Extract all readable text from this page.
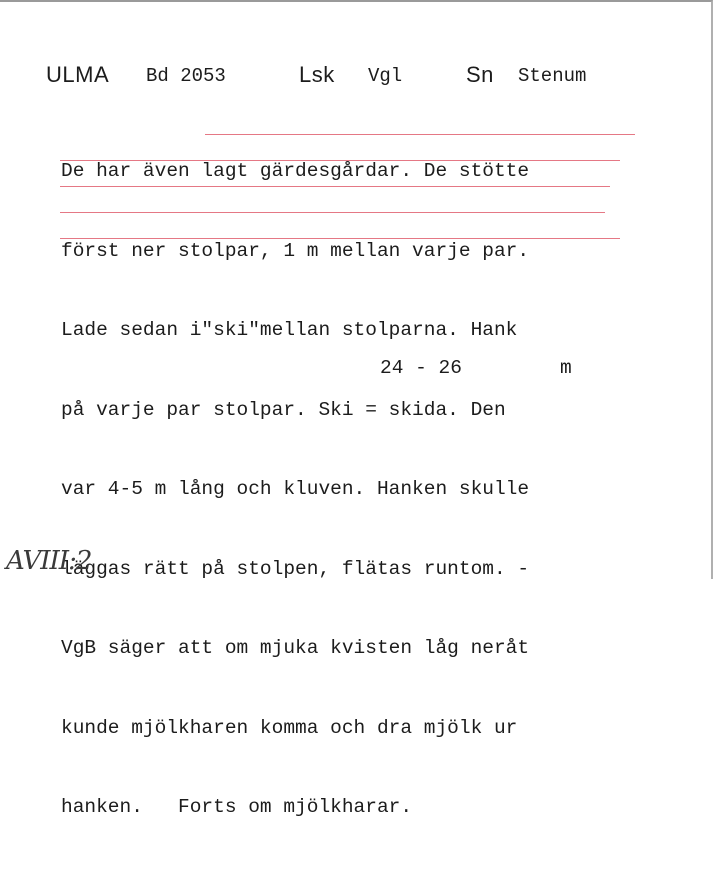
ULMA Bd 2053	Lsk Vgl	Sn Stenum

De har även lagt gärdesgårdar. De stötte

först ner stolpar, 1 m mellan varje par.

Lade sedan i"ski"mellan stolparna. Hank

på varje par stolpar. Ski = skida. Den

var 4-5 m lång och kluven. Hanken skulle

läggas rätt på stolpen, flätas runtom. -

VgB säger att om mjuka kvisten låg neråt

kunde mjölkharen komma och dra mjölk ur

hanken.   Forts om mjölkharar.

24 - 26	m
AVIII:2
